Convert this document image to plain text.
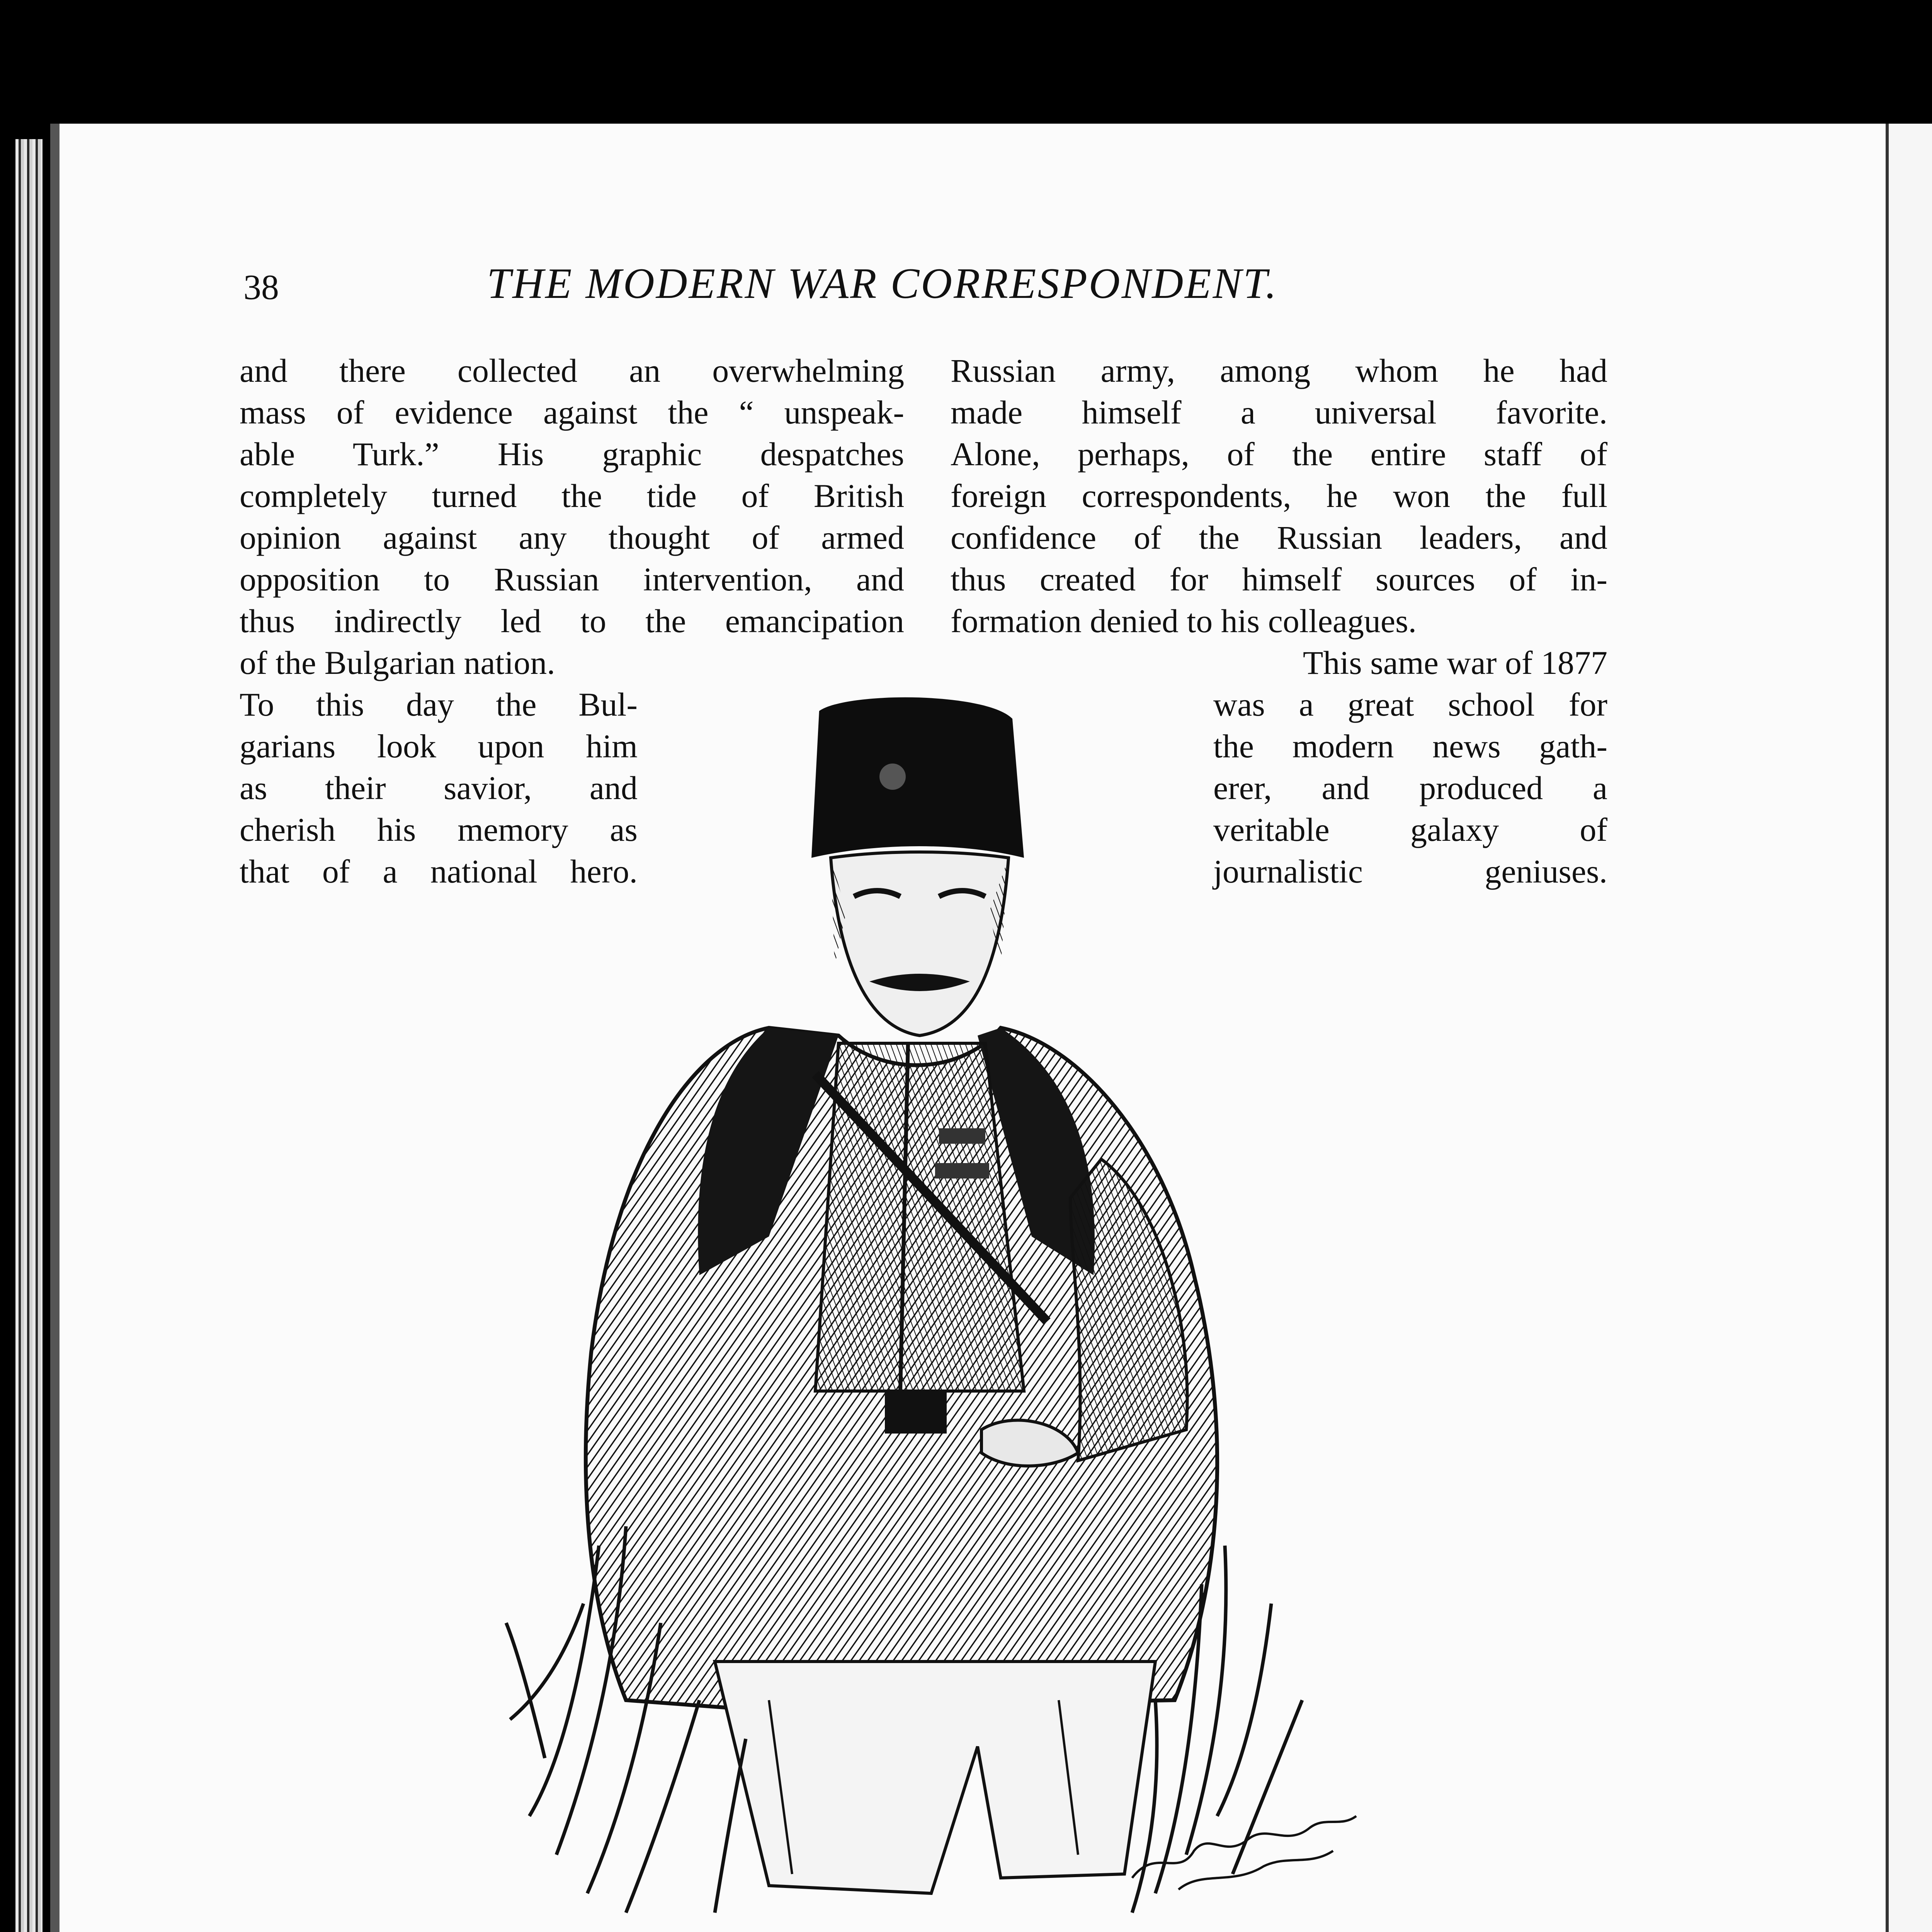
38	THE MODERN WAR CORRESPONDENT.
and there collected an overwhelming
mass of evidence against the “ unspeak-
able Turk.” His graphic despatches
completely turned the tide of British
opinion against any thought of armed
opposition to Russian intervention, and
thus indirectly led to the emancipation
of the Bulgarian nation.
To this day the Bul-
garians look upon him
as their savior, and
cherish his memory as
that of a national hero.
Russian army, among whom he had
made himself a universal favorite.
Alone, perhaps, of the entire staff of
foreign correspondents, he won the full
confidence of the Russian leaders, and
thus created for himself sources of in-
formation denied to his colleagues.
This same war of 1877
was a great school for
the modern news gath-
erer, and produced a
veritable galaxy of
journalistic geniuses.
